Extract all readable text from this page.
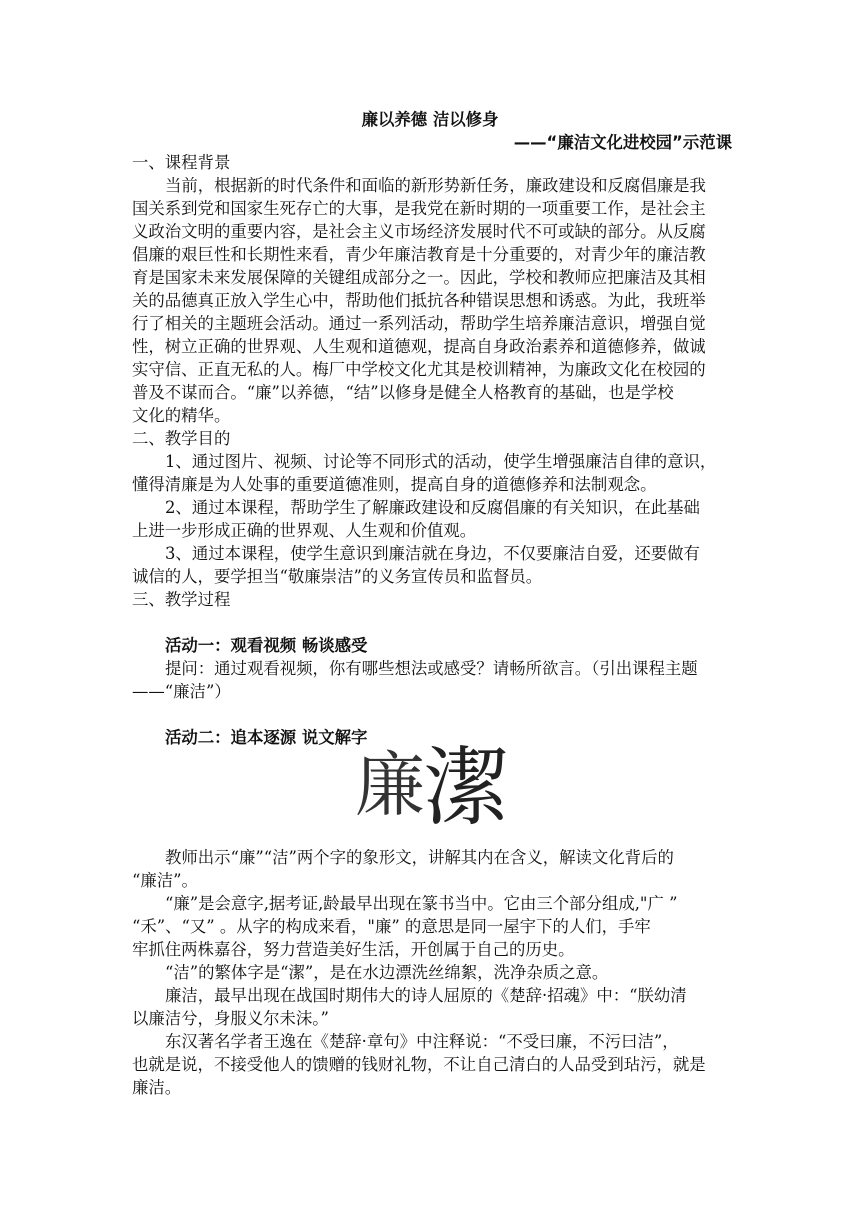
廉以养德 洁以修身
——“廉洁文化进校园”示范课
一、课程背景
当前，根据新的时代条件和面临的新形势新任务，廉政建设和反腐倡廉是我
国关系到党和国家生死存亡的大事，是我党在新时期的一项重要工作，是社会主
义政治文明的重要内容，是社会主义市场经济发展时代不可或缺的部分。从反腐
倡廉的艰巨性和长期性来看，青少年廉洁教育是十分重要的，对青少年的廉洁教
育是国家未来发展保障的关键组成部分之一。因此，学校和教师应把廉洁及其相
关的品德真正放入学生心中，帮助他们抵抗各种错误思想和诱惑。为此，我班举
行了相关的主题班会活动。通过一系列活动，帮助学生培养廉洁意识，增强自觉
性，树立正确的世界观、人生观和道德观，提高自身政治素养和道德修养，做诚
实守信、正直无私的人。梅厂中学校文化尤其是校训精神，为廉政文化在校园的
普及不谋而合。“廉”以养德，“结”以修身是健全人格教育的基础，也是学校
文化的精华。
二、教学目的
1、通过图片、视频、讨论等不同形式的活动，使学生增强廉洁自律的意识，
懂得清廉是为人处事的重要道德准则，提高自身的道德修养和法制观念。
2、通过本课程，帮助学生了解廉政建设和反腐倡廉的有关知识，在此基础
上进一步形成正确的世界观、人生观和价值观。
3、通过本课程，使学生意识到廉洁就在身边，不仅要廉洁自爱，还要做有
诚信的人，要学担当“敬廉崇洁”的义务宣传员和监督员。
三、教学过程
活动一：观看视频 畅谈感受
提问：通过观看视频，你有哪些想法或感受？请畅所欲言。（引出课程主题
——“廉洁”）
活动二：追本逐源 说文解字
廉
潔
教师出示“廉”“洁”两个字的象形文，讲解其内在含义，解读文化背后的
“廉洁”。
“廉”是会意字,据考证,龄最早出现在篆书当中。它由三个部分组成,"广 ”
“禾”、“又” 。从字的构成来看，"廉” 的意思是同一屋宇下的人们，手牢
牢抓住两株嘉谷，努力营造美好生活，开创属于自己的历史。
“洁”的繁体字是“潔”，是在水边漂洗丝绵絮，洗净杂质之意。
廉洁，最早出现在战国时期伟大的诗人屈原的《楚辞·招魂》中：“朕幼清
以廉洁兮，身服义尔未沫。”
东汉著名学者王逸在《楚辞·章句》中注释说：“不受曰廉，不污曰洁”，
也就是说，不接受他人的馈赠的钱财礼物，不让自己清白的人品受到玷污，就是
廉洁。
